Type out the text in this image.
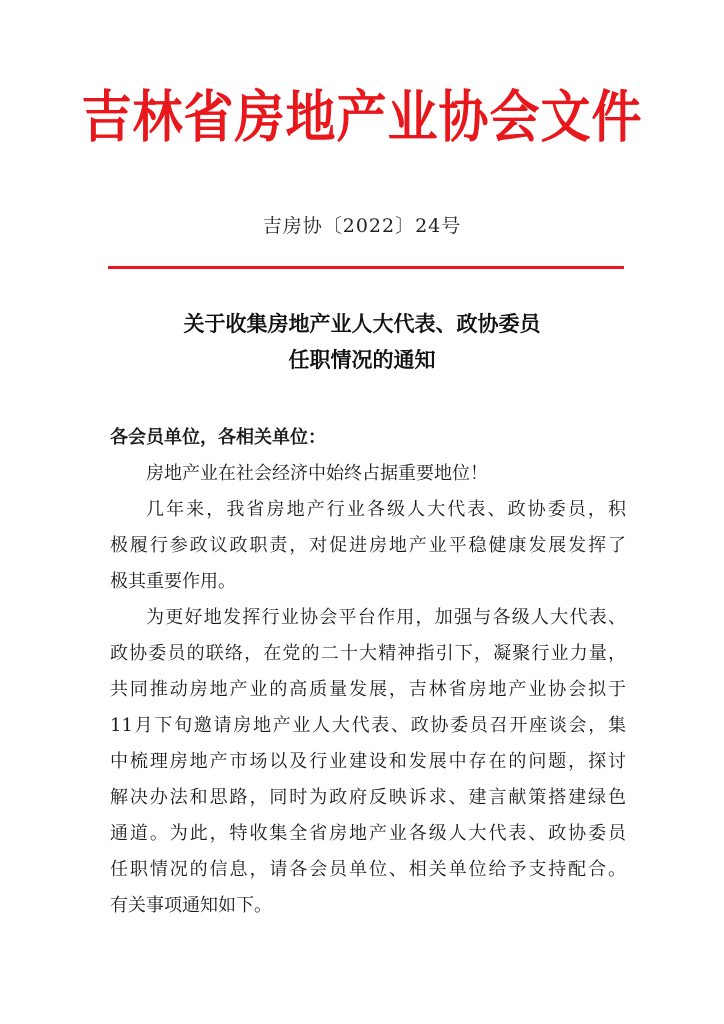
吉林省房地产业协会文件
吉房协〔2022〕24号
关于收集房地产业人大代表、政协委员
任职情况的通知

各会员单位，各相关单位：

房地产业在社会经济中始终占据重要地位！

几年来，我省房地产行业各级人大代表、政协委员，积

极履行参政议政职责，对促进房地产业平稳健康发展发挥了

极其重要作用。

为更好地发挥行业协会平台作用，加强与各级人大代表、

政协委员的联络，在党的二十大精神指引下，凝聚行业力量，

共同推动房地产业的高质量发展，吉林省房地产业协会拟于

11月下旬邀请房地产业人大代表、政协委员召开座谈会，集

中梳理房地产市场以及行业建设和发展中存在的问题，探讨

解决办法和思路，同时为政府反映诉求、建言献策搭建绿色

通道。为此，特收集全省房地产业各级人大代表、政协委员

任职情况的信息，请各会员单位、相关单位给予支持配合。

有关事项通知如下。
